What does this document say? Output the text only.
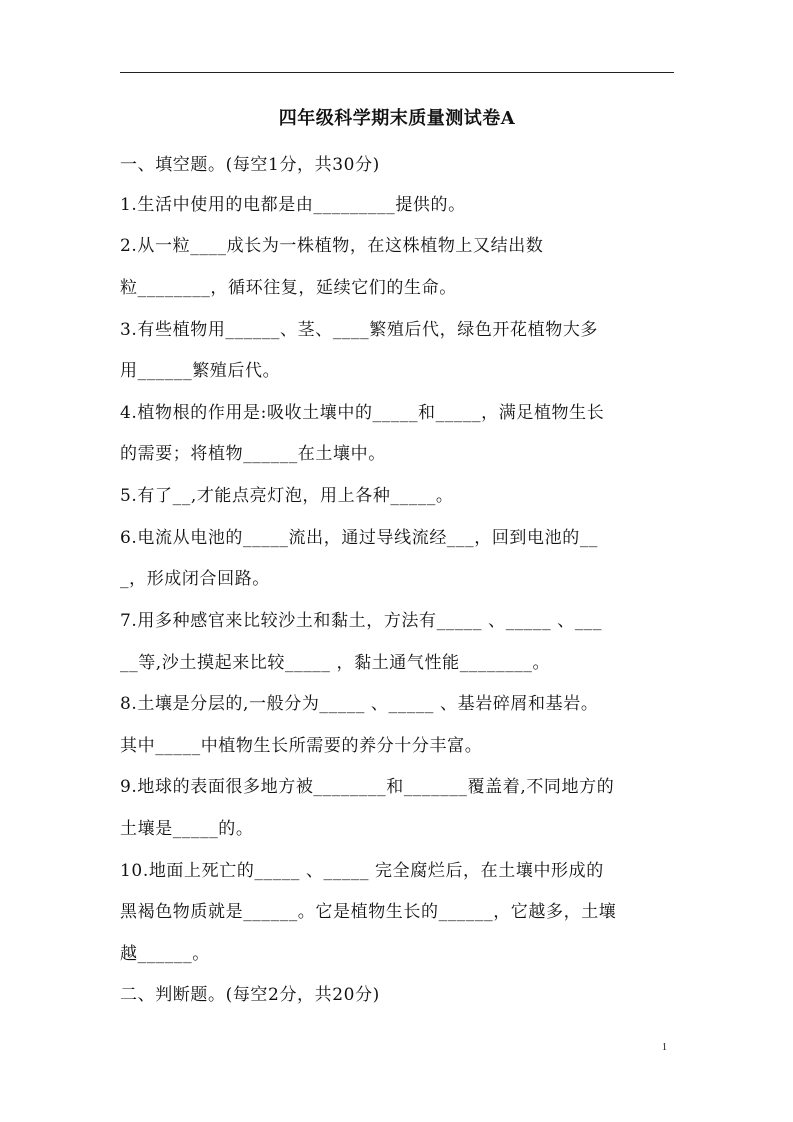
四年级科学期末质量测试卷A
一、填空题。(每空1分，共30分)
1.生活中使用的电都是由_________提供的。
2.从一粒____成长为一株植物，在这株植物上又结出数
粒________，循环往复，延续它们的生命。
3.有些植物用______、茎、____繁殖后代，绿色开花植物大多
用______繁殖后代。
4.植物根的作用是:吸收土壤中的_____和_____，满足植物生长
的需要；将植物______在土壤中。
5.有了__,才能点亮灯泡，用上各种_____。
6.电流从电池的_____流出，通过导线流经___，回到电池的__
_，形成闭合回路。
7.用多种感官来比较沙土和黏土，方法有_____ 、_____ 、___
__等,沙土摸起来比较_____ ，黏土通气性能________。
8.土壤是分层的,一般分为_____ 、_____ 、基岩碎屑和基岩。
其中_____中植物生长所需要的养分十分丰富。
9.地球的表面很多地方被________和_______覆盖着,不同地方的
土壤是_____的。
10.地面上死亡的_____ 、_____ 完全腐烂后，在土壤中形成的
黑褐色物质就是______。它是植物生长的______，它越多，土壤
越______。
二、判断题。(每空2分，共20分)
1
